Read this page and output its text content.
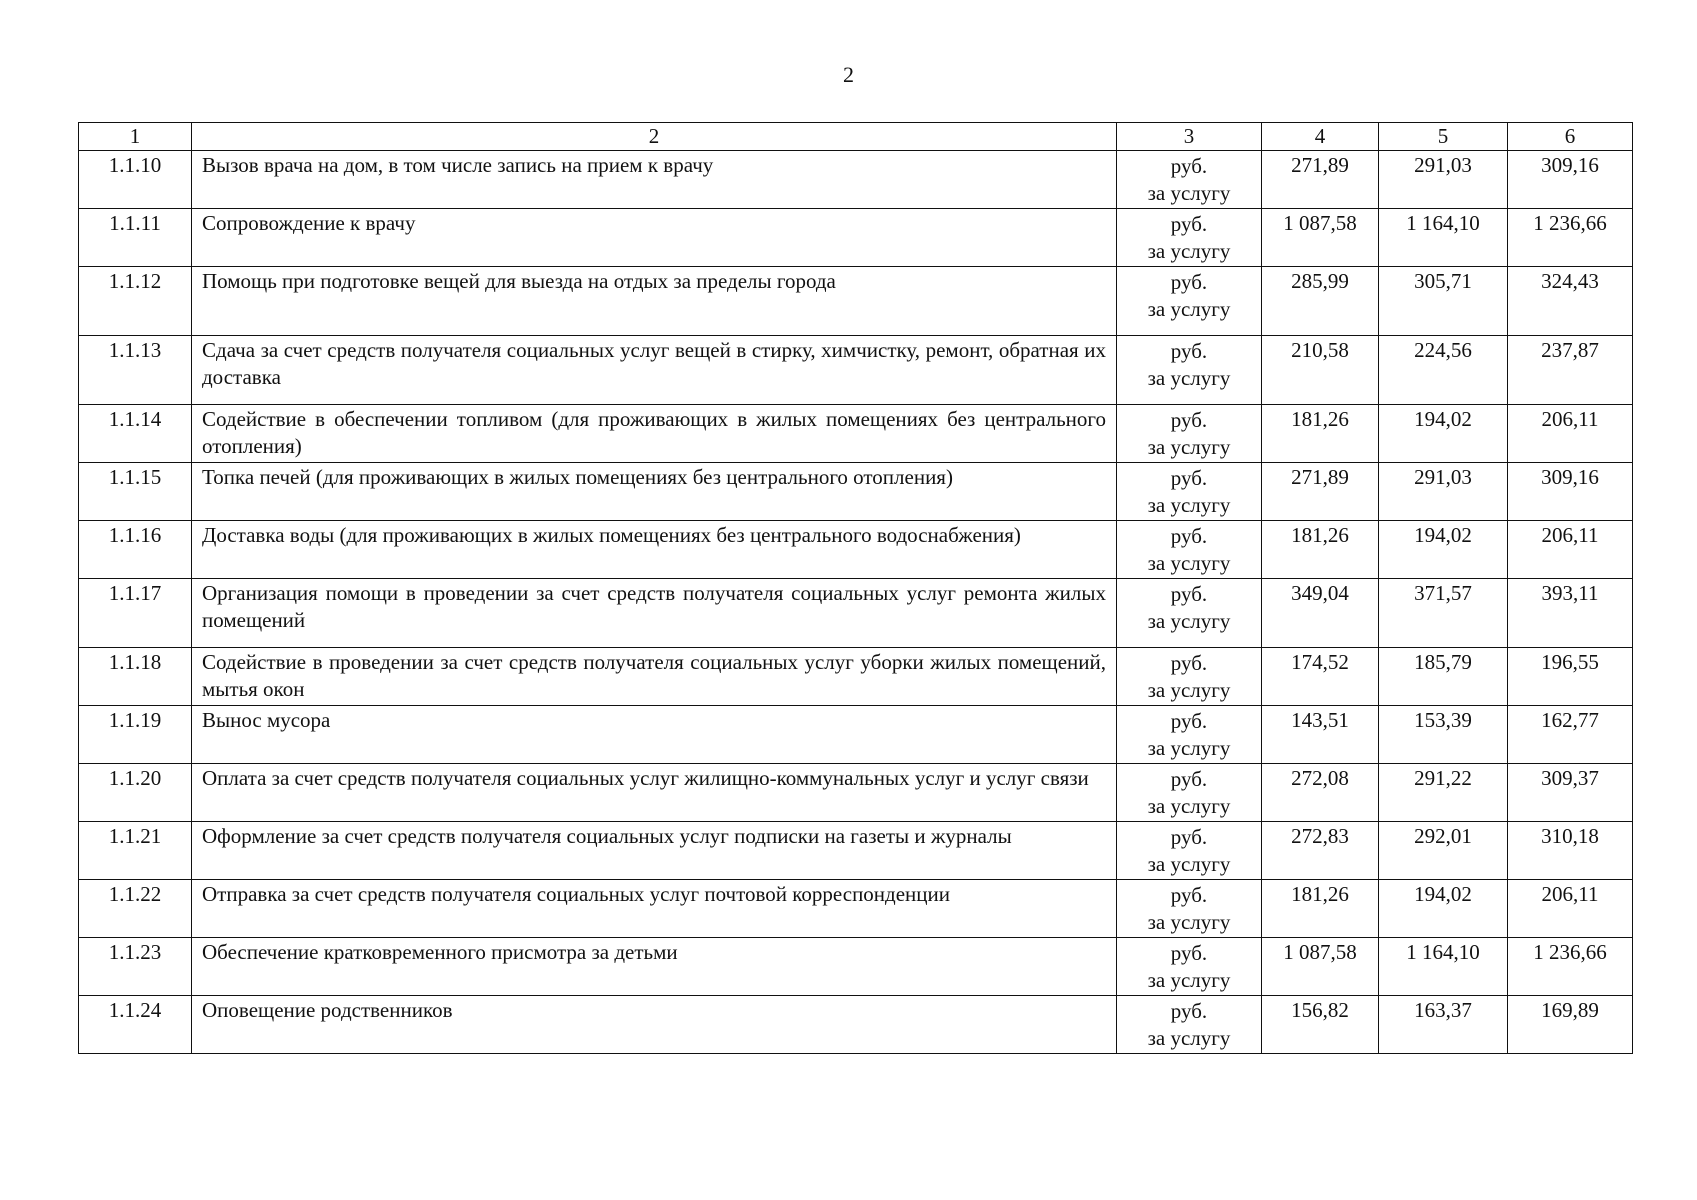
2
1	2	3	4	5	6
1.1.10	Вызов врача на дом, в том числе запись на прием к врачу	руб.
за услугу	271,89	291,03	309,16
1.1.11	Сопровождение к врачу	руб.
за услугу	1 087,58	1 164,10	1 236,66
1.1.12	Помощь при подготовке вещей для выезда на отдых за пределы города	руб.
за услугу	285,99	305,71	324,43
1.1.13	Сдача за счет средств получателя социальных услуг вещей в стирку, химчистку, ремонт, обратная их доставка	руб.
за услугу	210,58	224,56	237,87
1.1.14	Содействие в обеспечении топливом (для проживающих в жилых помещениях без центрального отопления)	руб.
за услугу	181,26	194,02	206,11
1.1.15	Топка печей (для проживающих в жилых помещениях без центрального отопления)	руб.
за услугу	271,89	291,03	309,16
1.1.16	Доставка воды (для проживающих в жилых помещениях без центрального водоснабжения)	руб.
за услугу	181,26	194,02	206,11
1.1.17	Организация помощи в проведении за счет средств получателя социальных услуг ремонта жилых помещений	руб.
за услугу	349,04	371,57	393,11
1.1.18	Содействие в проведении за счет средств получателя социальных услуг уборки жилых помещений, мытья окон	руб.
за услугу	174,52	185,79	196,55
1.1.19	Вынос мусора	руб.
за услугу	143,51	153,39	162,77
1.1.20	Оплата за счет средств получателя социальных услуг жилищно-коммунальных услуг и услуг связи	руб.
за услугу	272,08	291,22	309,37
1.1.21	Оформление за счет средств получателя социальных услуг подписки на газеты и журналы	руб.
за услугу	272,83	292,01	310,18
1.1.22	Отправка за счет средств получателя социальных услуг почтовой корреспонденции	руб.
за услугу	181,26	194,02	206,11
1.1.23	Обеспечение кратковременного присмотра за детьми	руб.
за услугу	1 087,58	1 164,10	1 236,66
1.1.24	Оповещение родственников	руб.
за услугу	156,82	163,37	169,89
